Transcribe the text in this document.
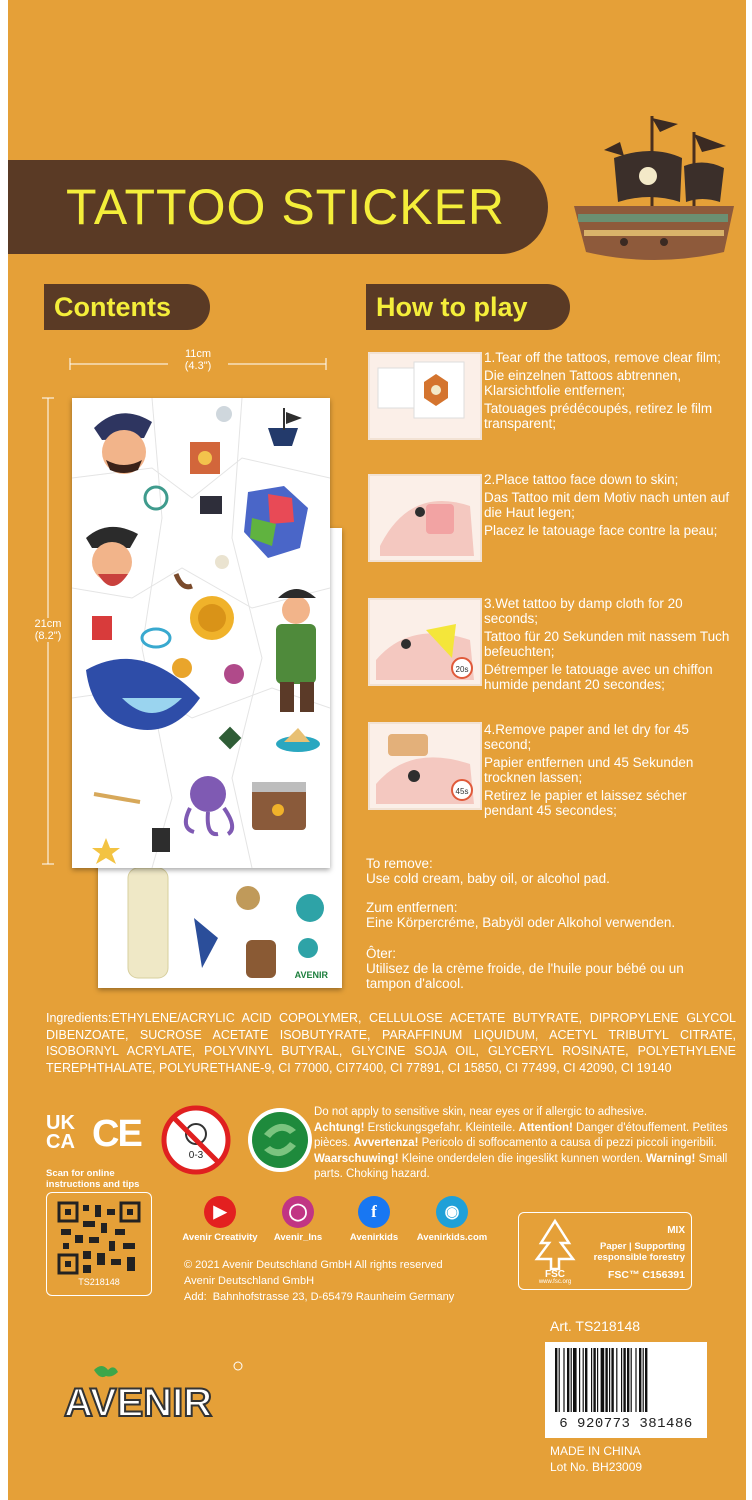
TATTOO STICKER
Contents	How to play
11cm
(4.3")
21cm
(8.2")
AVENIR
1.Tear off the tattoos, remove clear film;
Die einzelnen Tattoos abtrennen, Klarsichtfolie entfernen;
Tatouages prédécoupés, retirez le film transparent;
2.Place tattoo face down to skin;
Das Tattoo mit dem Motiv nach unten auf die Haut legen;
Placez le tatouage face contre la peau;
20s
3.Wet tattoo by damp cloth for 20 seconds;
Tattoo für 20 Sekunden mit nassem Tuch befeuchten;
Détremper le tatouage avec un chiffon humide pendant 20 secondes;
45s
4.Remove paper and let dry for 45 second;
Papier entfernen und 45 Sekunden trocknen lassen;
Retirez le papier et laissez sécher pendant 45 secondes;
To remove:
Use cold cream, baby oil, or alcohol pad.
Zum entfernen:
Eine Körpercréme, Babyöl oder Alkohol verwenden.
Ôter:
Utilisez de la crème froide, de l'huile pour bébé ou un tampon d'alcool.
Ingredients:ETHYLENE/ACRYLIC ACID COPOLYMER, CELLULOSE ACETATE BUTYRATE, DIPROPYLENE GLYCOL DIBENZOATE, SUCROSE ACETATE ISOBUTYRATE, PARAFFINUM LIQUIDUM, ACETYL TRIBUTYL CITRATE, ISOBORNYL ACRYLATE, POLYVINYL BUTYRAL, GLYCINE SOJA OIL, GLYCERYL ROSINATE, POLYETHYLENE TEREPHTHALATE, POLYURETHANE-9, CI 77000, CI77400, CI 77891, CI 15850, CI 77499, CI 42090, CI 19140
UK
CA CE
0-3
Do not apply to sensitive skin, near eyes or if allergic to adhesive.
Achtung! Erstickungsgefahr. Kleinteile. Attention! Danger d'étouffement. Petites pièces. Avvertenza! Pericolo di soffocamento a causa di pezzi piccoli ingeribili. Waarschuwing! Kleine onderdelen die ingeslikt kunnen worden. Warning! Small parts. Choking hazard.
Scan for online instructions and tips
TS218148
▶
Avenir Creativity
◯
Avenir_Ins
f
Avenirkids
◉
Avenirkids.com
© 2021 Avenir Deutschland GmbH All rights reserved
Avenir Deutschland GmbH
Add: Bahnhofstrasse 23, D-65479 Raunheim Germany
FSC
www.fsc.org
MIX
Paper | Supporting
responsible forestry
FSC™ C156391
Art. TS218148
6 920773 381486
MADE IN CHINA
Lot No. BH23009
AVENIR
